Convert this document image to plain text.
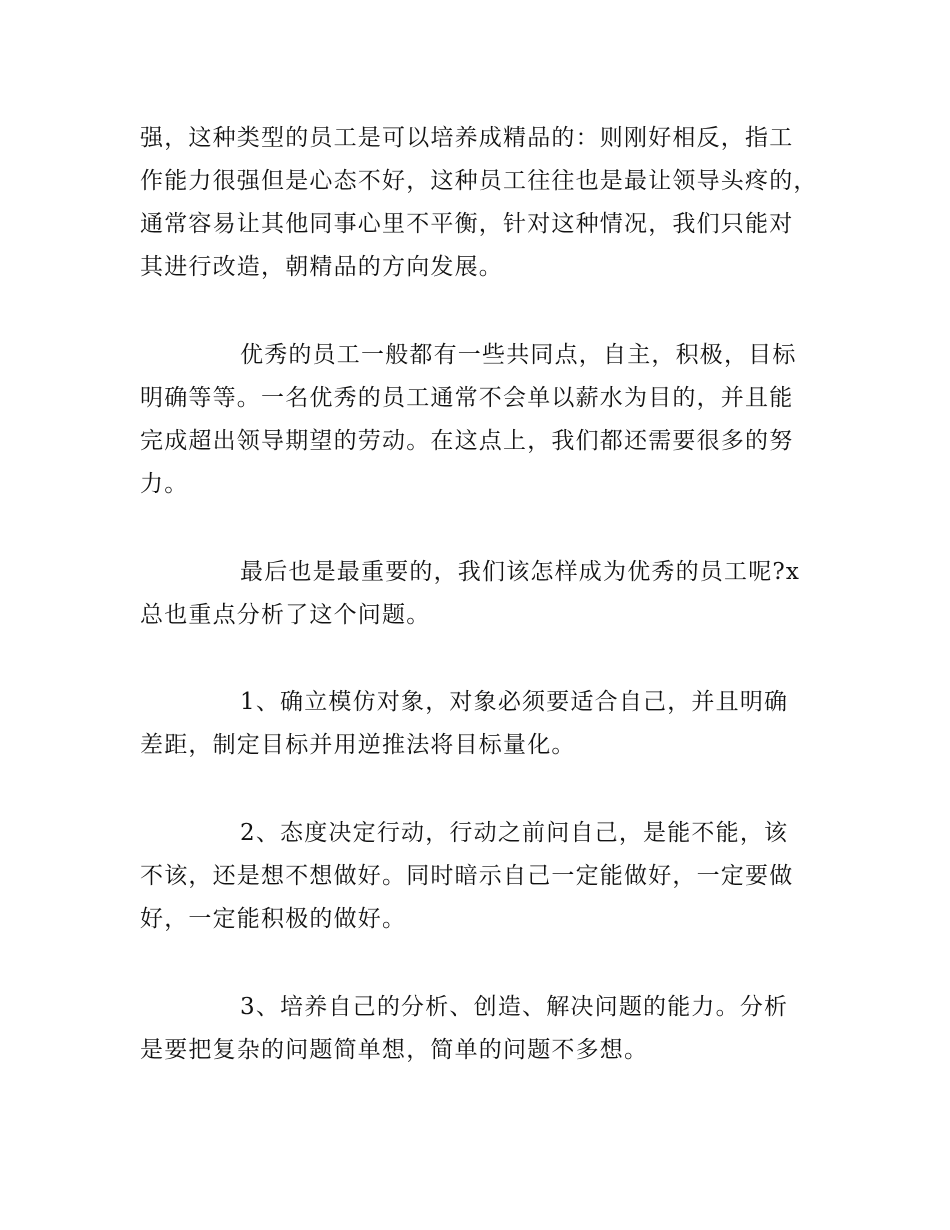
强，这种类型的员工是可以培养成精品的：则刚好相反，指工
作能力很强但是心态不好，这种员工往往也是最让领导头疼的，
通常容易让其他同事心里不平衡，针对这种情况，我们只能对
其进行改造，朝精品的方向发展。
优秀的员工一般都有一些共同点，自主，积极，目标
明确等等。一名优秀的员工通常不会单以薪水为目的，并且能
完成超出领导期望的劳动。在这点上，我们都还需要很多的努
力。
最后也是最重要的，我们该怎样成为优秀的员工呢?x
总也重点分析了这个问题。
1、确立模仿对象，对象必须要适合自己，并且明确
差距，制定目标并用逆推法将目标量化。
2、态度决定行动，行动之前问自己，是能不能，该
不该，还是想不想做好。同时暗示自己一定能做好，一定要做
好，一定能积极的做好。
3、培养自己的分析、创造、解决问题的能力。分析
是要把复杂的问题简单想，简单的问题不多想。
